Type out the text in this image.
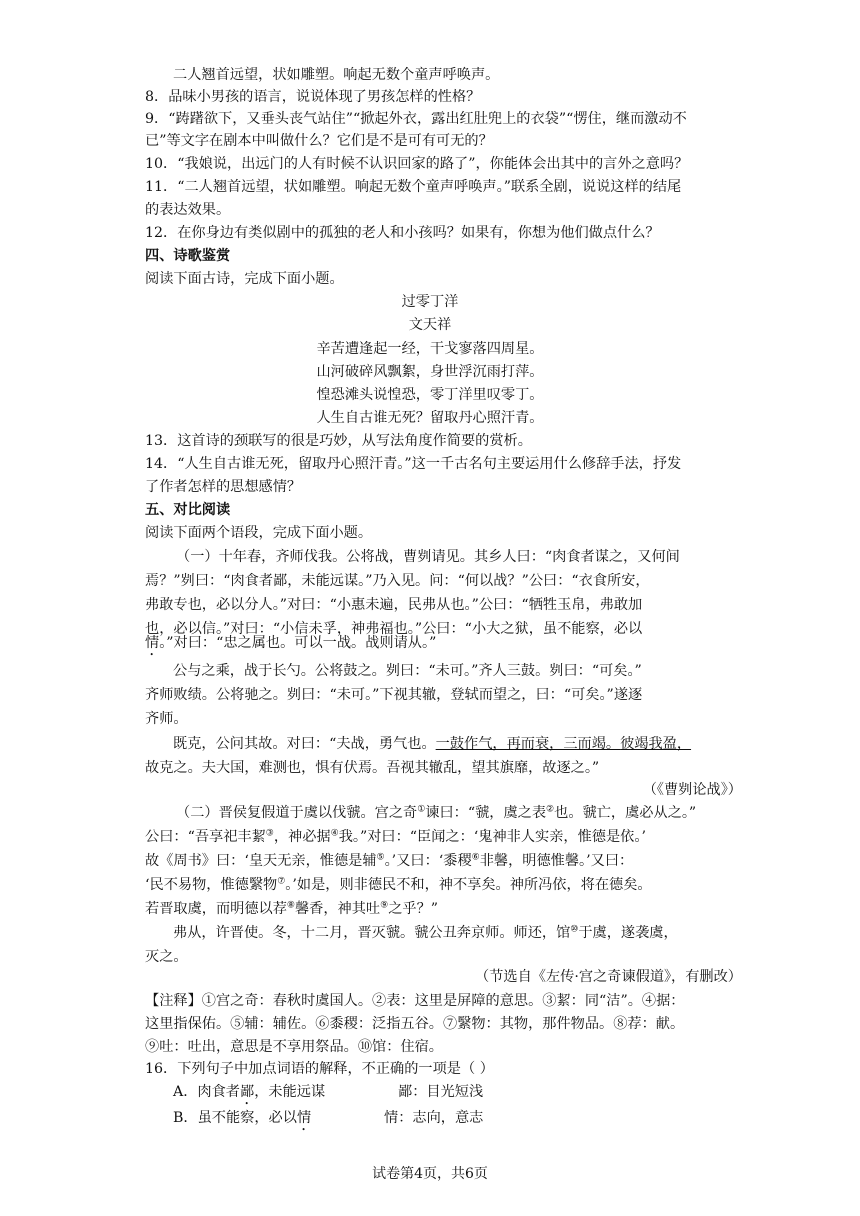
二人翘首远望，状如雕塑。响起无数个童声呼唤声。
8．品味小男孩的语言，说说体现了男孩怎样的性格？
9．“踌躇欲下，又垂头丧气站住”“掀起外衣，露出红肚兜上的衣袋”“愣住，继而激动不
已”等文字在剧本中叫做什么？它们是不是可有可无的？
10．“我娘说，出远门的人有时候不认识回家的路了”，你能体会出其中的言外之意吗？
11．“二人翘首远望，状如雕塑。响起无数个童声呼唤声。”联系全剧，说说这样的结尾
的表达效果。
12．在你身边有类似剧中的孤独的老人和小孩吗？如果有，你想为他们做点什么？
四、诗歌鉴赏
阅读下面古诗，完成下面小题。
过零丁洋
文天祥
辛苦遭逢起一经，干戈寥落四周星。
山河破碎风飘絮，身世浮沉雨打萍。
惶恐滩头说惶恐，零丁洋里叹零丁。
人生自古谁无死？留取丹心照汗青。
13．这首诗的颈联写的很是巧妙，从写法角度作简要的赏析。
14．“人生自古谁无死，留取丹心照汗青。”这一千古名句主要运用什么修辞手法，抒发
了作者怎样的思想感情？
五、对比阅读
阅读下面两个语段，完成下面小题。
（一）十年春，齐师伐我。公将战，曹刿请见。其乡人曰：“肉食者谋之，又何间
焉？”刿曰：“肉食者鄙，未能远谋。”乃入见。问：“何以战？”公曰：“衣食所安，
弗敢专也，必以分人。”对曰：“小惠未遍，民弗从也。”公曰：“牺牲玉帛，弗敢加
也，必以信。”对曰：“小信未孚，神弗福也。”公曰：“小大之狱，虽不能察，必以
情。”对曰：“忠之属也。可以一战。战则请从。”
公与之乘，战于长勺。公将鼓之。刿曰：“未可。”齐人三鼓。刿曰：“可矣。”
齐师败绩。公将驰之。刿曰：“未可。”下视其辙，登轼而望之，曰：“可矣。”遂逐
齐师。
既克，公问其故。对曰：“夫战，勇气也。一鼓作气，再而衰，三而竭。彼竭我盈，
故克之。夫大国，难测也，惧有伏焉。吾视其辙乱，望其旗靡，故逐之。”
（《曹刿论战》）
（二）晋侯复假道于虞以伐虢。宫之奇①谏曰：“虢，虞之表②也。虢亡，虞必从之。”
公曰：“吾享祀丰絜③，神必据④我。”对曰：“臣闻之：‘鬼神非人实亲，惟德是依。’
故《周书》曰：‘皇天无亲，惟德是辅⑤。’又曰：‘黍稷⑥非馨，明德惟馨。’又曰：
‘民不易物，惟德繄物⑦。’如是，则非德民不和，神不享矣。神所冯依，将在德矣。
若晋取虞，而明德以荐⑧馨香，神其吐⑨之乎？”
弗从，许晋使。冬，十二月，晋灭虢。虢公丑奔京师。师还，馆⑩于虞，遂袭虞，
灭之。
（节选自《左传·宫之奇谏假道》，有删改）
【注释】①宫之奇：春秋时虞国人。②表：这里是屏障的意思。③絜：同“洁”。④据：
这里指保佑。⑤辅：辅佐。⑥黍稷：泛指五谷。⑦繄物：其物，那件物品。⑧荐：献。
⑨吐：吐出，意思是不享用祭品。⑩馆：住宿。
16．下列句子中加点词语的解释，不正确的一项是（ ）
A．肉食者鄙，未能远谋	鄙：目光短浅
B．虽不能察，必以情	情：志向，意志
试卷第4页，共6页
